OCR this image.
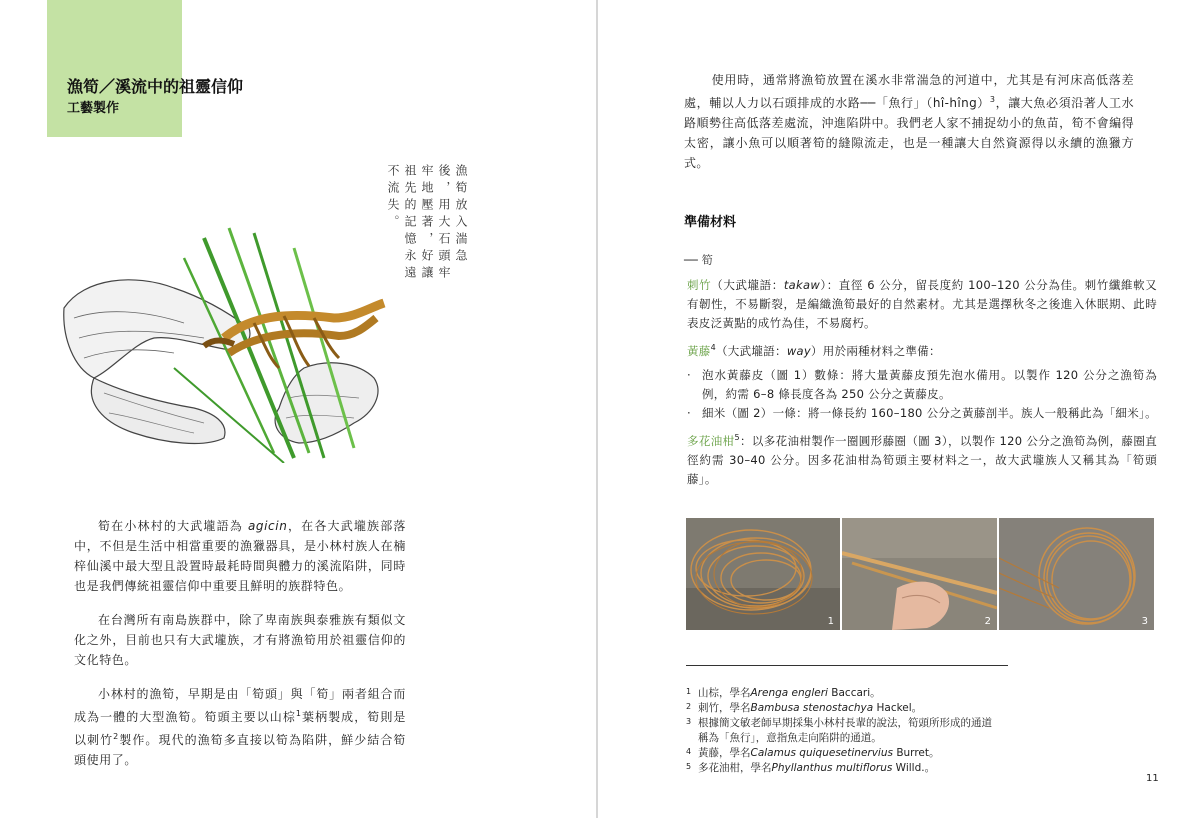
漁筍／溪流中的祖靈信仰
工藝製作
漁筍放入湍急後，用大石頭牢牢地壓著，好讓祖先的記憶永遠不流失。

筍在小林村的大武壠語為 agicin，在各大武壠族部落中，不但是生活中相當重要的漁獵器具，是小林村族人在楠梓仙溪中最大型且設置時最耗時間與體力的溪流陷阱，同時也是我們傳統祖靈信仰中重要且鮮明的族群特色。

在台灣所有南島族群中，除了卑南族與泰雅族有類似文化之外，目前也只有大武壠族，才有將漁筍用於祖靈信仰的文化特色。

小林村的漁筍，早期是由「筍頭」與「筍」兩者組合而成為一體的大型漁筍。筍頭主要以山棕$^1$葉柄製成，筍則是以刺竹$^2$製作。現代的漁筍多直接以筍為陷阱，鮮少結合筍頭使用了。

使用時，通常將漁筍放置在溪水非常湍急的河道中，尤其是有河床高低落差處，輔以人力以石頭排成的水路──「魚行」（hî-hîng）$^3$，讓大魚必須沿著人工水路順勢往高低落差處流，沖進陷阱中。我們老人家不捕捉幼小的魚苗，筍不會編得太密，讓小魚可以順著筍的縫隙流走，也是一種讓大自然資源得以永續的漁獵方式。

準備材料
── 筍

刺竹（大武壠語：takaw）：直徑 6 公分，留長度約 100–120 公分為佳。刺竹纖維軟又有韌性，不易斷裂，是編織漁筍最好的自然素材。尤其是選擇秋冬之後進入休眠期、此時表皮泛黃點的成竹為佳，不易腐朽。

黃藤$^4$（大武壠語：way）用於兩種材料之準備：

· 泡水黃藤皮（圖 1）數條：將大量黃藤皮預先泡水備用。以製作 120 公分之漁筍為例，約需 6–8 條長度各為 250 公分之黃藤皮。

· 細米（圖 2）一條：將一條長約 160–180 公分之黃藤剖半。族人一般稱此為「細米」。

多花油柑$^5$：以多花油柑製作一圈圓形藤圈（圖 3），以製作 120 公分之漁筍為例，藤圈直徑約需 30–40 公分。因多花油柑為筍頭主要材料之一，故大武壠族人又稱其為「筍頭藤」。

1	2	3
1 山棕，學名Arenga engleri Baccari。
2 刺竹，學名Bambusa stenostachya Hackel。
3 根據簡文敏老師早期採集小林村長輩的說法，筍頭所形成的通道稱為「魚行」，意指魚走向陷阱的通道。
4 黃藤，學名Calamus quiquesetinervius Burret。
5 多花油柑，學名Phyllanthus multiflorus Willd.。
11
